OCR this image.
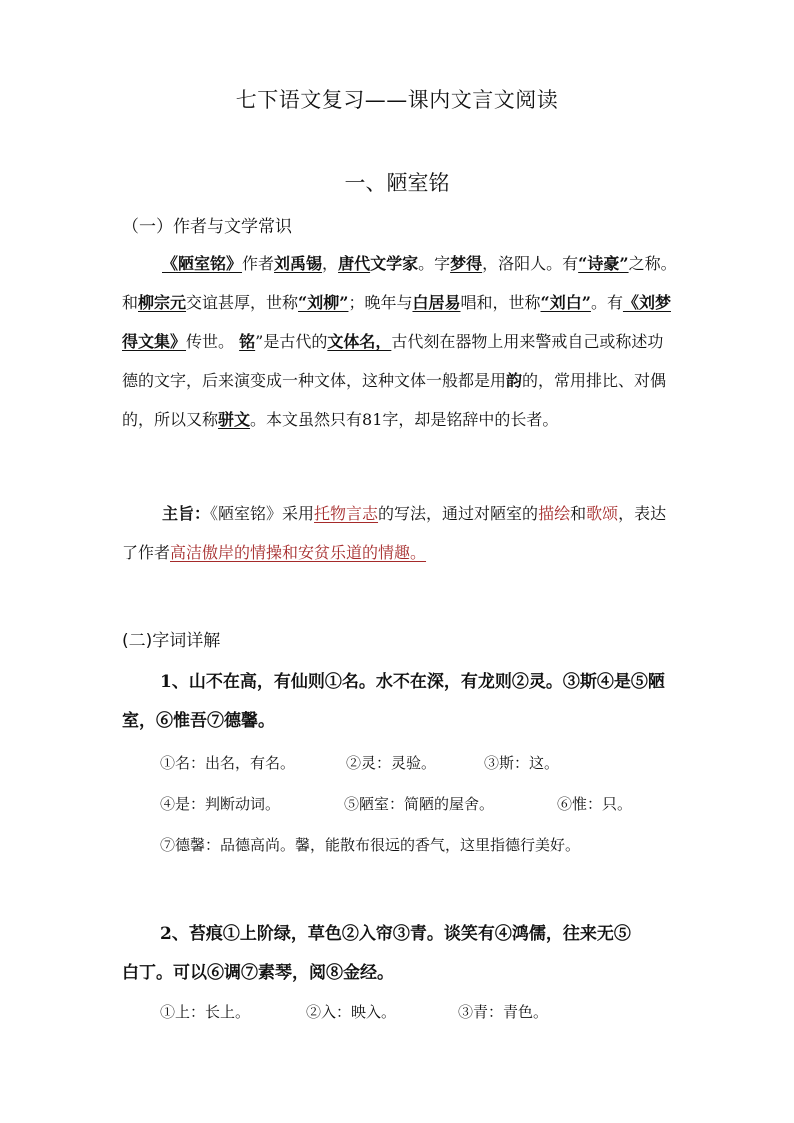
七下语文复习——课内文言文阅读
一、陋室铭
（一）作者与文学常识

《陋室铭》作者刘禹锡，唐代文学家。字梦得，洛阳人。有“诗豪”之称。和柳宗元交谊甚厚，世称“刘柳”；晚年与白居易唱和，世称“刘白”。有《刘梦得文集》传世。 铭”是古代的文体名，古代刻在器物上用来警戒自己或称述功德的文字，后来演变成一种文体，这种文体一般都是用韵的，常用排比、对偶的，所以又称骈文。本文虽然只有81字，却是铭辞中的长者。

主旨：《陋室铭》采用托物言志的写法，通过对陋室的描绘和歌颂，表达了作者高洁傲岸的情操和安贫乐道的情趣。

(二)字词详解
1、山不在高，有仙则①名。水不在深，有龙则②灵。③斯④是⑤陋
室，⑥惟吾⑦德馨。
①名：出名，有名。	②灵：灵验。	③斯：这。
④是：判断动词。	⑤陋室：简陋的屋舍。	⑥惟：只。
⑦德馨：品德高尚。馨，能散布很远的香气，这里指德行美好。
2、苔痕①上阶绿，草色②入帘③青。谈笑有④鸿儒，往来无⑤
白丁。可以⑥调⑦素琴，阅⑧金经。
①上：长上。	②入：映入。	③青：青色。
